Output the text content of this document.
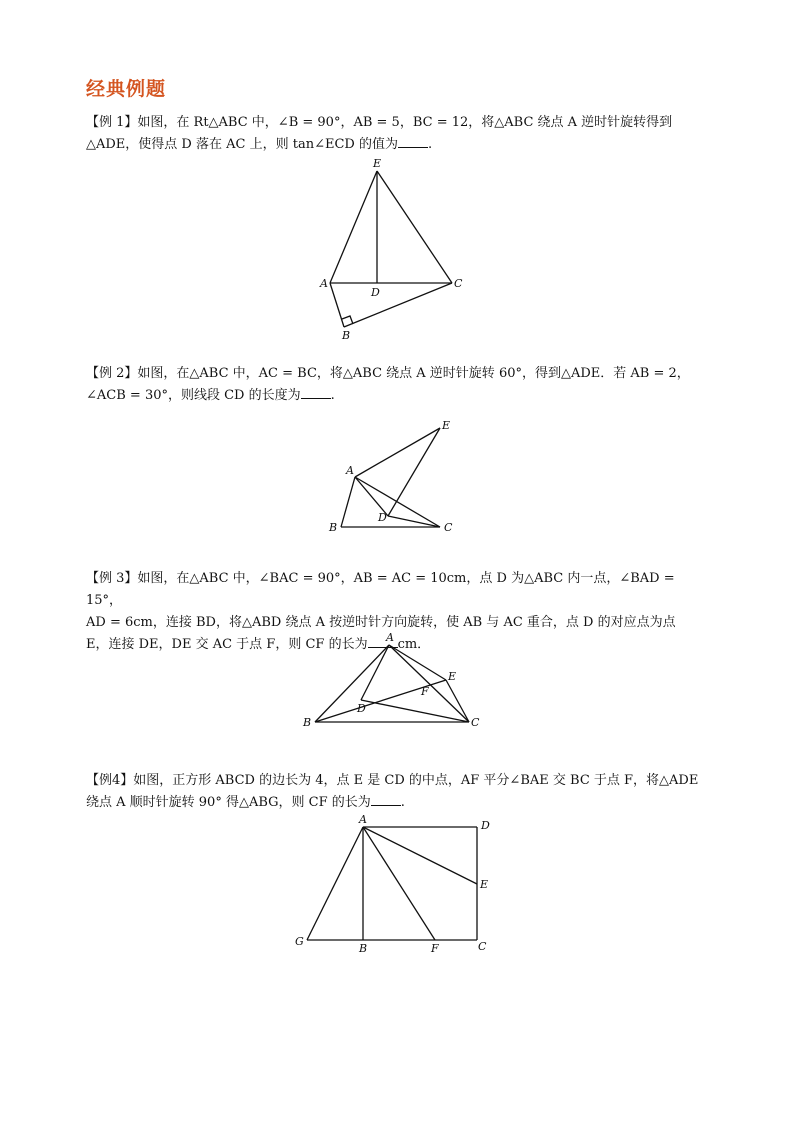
经典例题
【例 1】如图，在 Rt△ABC 中，∠B = 90°，AB = 5，BC = 12，将△ABC 绕点 A 逆时针旋转得到
△ADE，使得点 D 落在 AC 上，则 tan∠ECD 的值为 .
E
A
D
C
B
【例 2】如图，在△ABC 中，AC = BC，将△ABC 绕点 A 逆时针旋转 60°，得到△ADE．若 AB = 2，
∠ACB = 30°，则线段 CD 的长度为 .
E
A
D
B	C
【例 3】如图，在△ABC 中，∠BAC = 90°，AB = AC = 10cm，点 D 为△ABC 内一点，∠BAD = 15°，
AD = 6cm，连接 BD，将△ABD 绕点 A 按逆时针方向旋转，使 AB 与 AC 重合，点 D 的对应点为点
E，连接 DE，DE 交 AC 于点 F，则 CF 的长为 cm．
A
E
F
D
B	C
【例4】如图，正方形 ABCD 的边长为 4，点 E 是 CD 的中点，AF 平分∠BAE 交 BC 于点 F，将△ADE
绕点 A 顺时针旋转 90° 得△ABG，则 CF 的长为 .
A	D
E
G
B	F	C
